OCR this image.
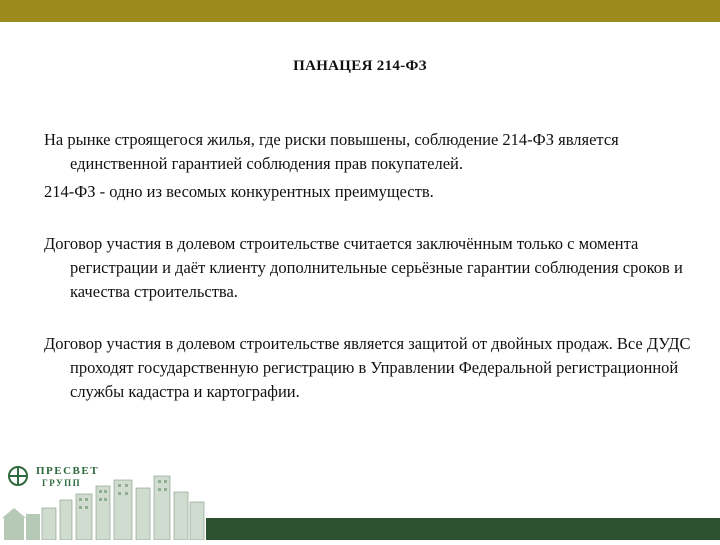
ПАНАЦЕЯ 214-ФЗ

На рынке строящегося жилья, где риски повышены, соблюдение 214-ФЗ является единственной гарантией соблюдения прав покупателей.

214-ФЗ - одно из весомых конкурентных преимуществ.

Договор участия в долевом строительстве считается заключённым только с момента регистрации и даёт клиенту дополнительные серьёзные гарантии соблюдения сроков и качества строительства.

Договор участия в долевом строительстве является защитой от двойных продаж. Все ДУДС проходят государственную регистрацию в Управлении Федеральной регистрационной службы кадастра и картографии.

ПРЕСВЕТ
ГРУПП
